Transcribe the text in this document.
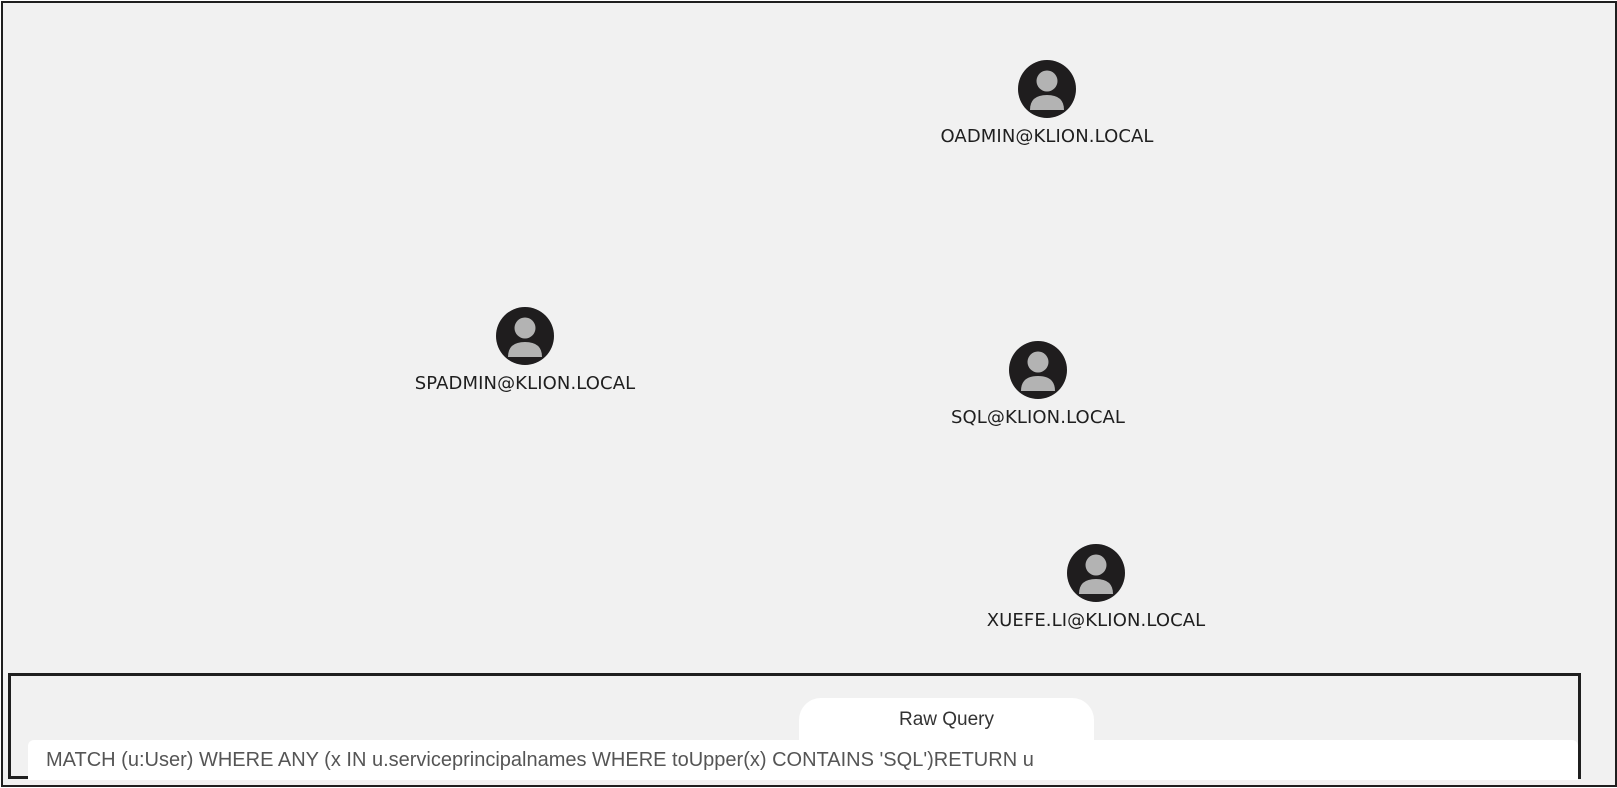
OADMIN@KLION.LOCAL
SPADMIN@KLION.LOCAL
SQL@KLION.LOCAL
XUEFE.LI@KLION.LOCAL
Raw Query
MATCH (u:User) WHERE ANY (x IN u.serviceprincipalnames WHERE toUpper(x) CONTAINS 'SQL')RETURN u
